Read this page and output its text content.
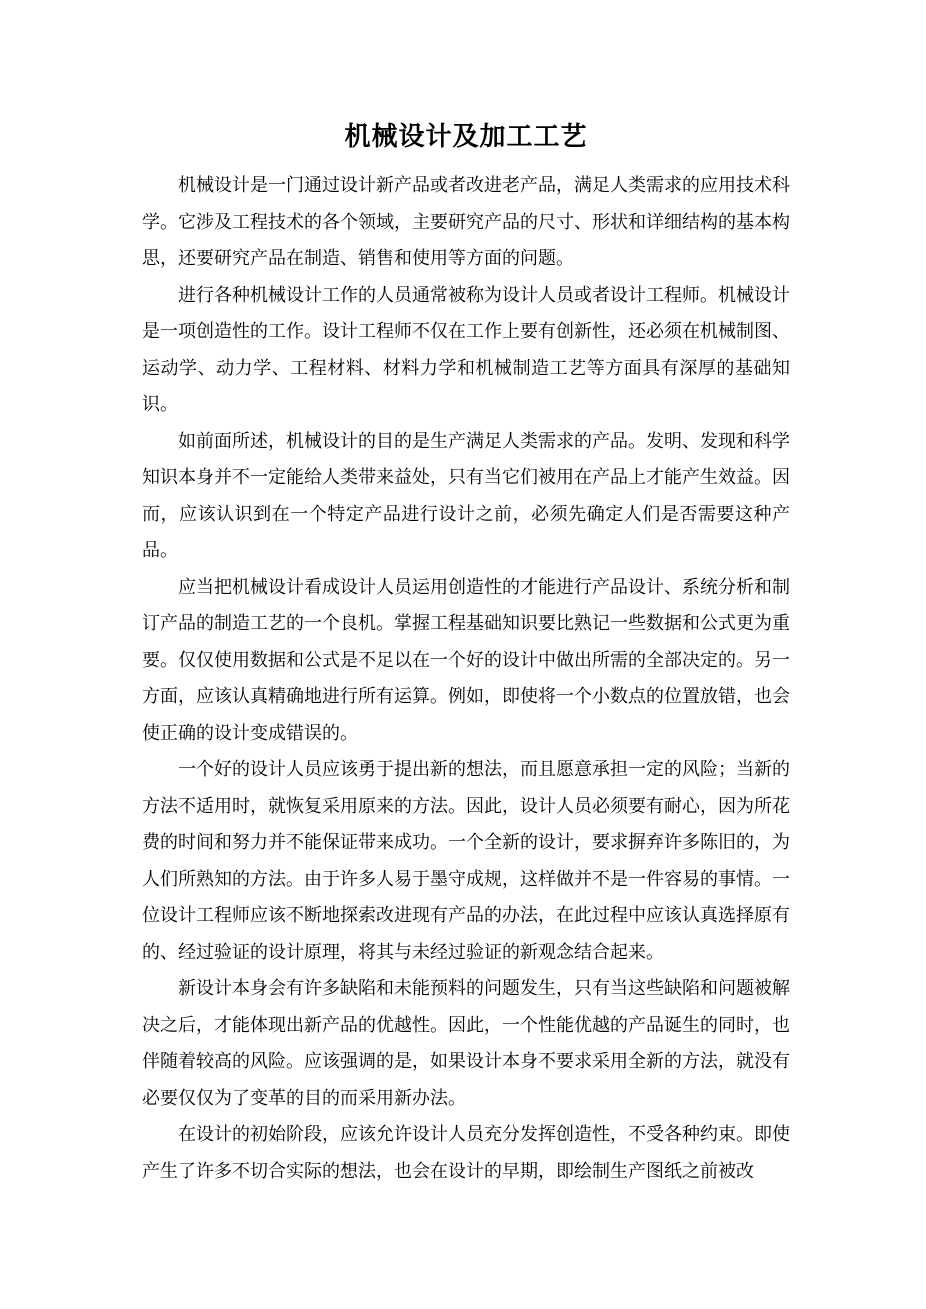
机械设计及加工工艺

机械设计是一门通过设计新产品或者改进老产品，满足人类需求的应用技术科学。它涉及工程技术的各个领域，主要研究产品的尺寸、形状和详细结构的基本构思，还要研究产品在制造、销售和使用等方面的问题。

进行各种机械设计工作的人员通常被称为设计人员或者设计工程师。机械设计是一项创造性的工作。设计工程师不仅在工作上要有创新性，还必须在机械制图、运动学、动力学、工程材料、材料力学和机械制造工艺等方面具有深厚的基础知识。

如前面所述，机械设计的目的是生产满足人类需求的产品。发明、发现和科学知识本身并不一定能给人类带来益处，只有当它们被用在产品上才能产生效益。因而，应该认识到在一个特定产品进行设计之前，必须先确定人们是否需要这种产品。

应当把机械设计看成设计人员运用创造性的才能进行产品设计、系统分析和制订产品的制造工艺的一个良机。掌握工程基础知识要比熟记一些数据和公式更为重要。仅仅使用数据和公式是不足以在一个好的设计中做出所需的全部决定的。另一方面，应该认真精确地进行所有运算。例如，即使将一个小数点的位置放错，也会使正确的设计变成错误的。

一个好的设计人员应该勇于提出新的想法，而且愿意承担一定的风险；当新的方法不适用时，就恢复采用原来的方法。因此，设计人员必须要有耐心，因为所花费的时间和努力并不能保证带来成功。一个全新的设计，要求摒弃许多陈旧的，为人们所熟知的方法。由于许多人易于墨守成规，这样做并不是一件容易的事情。一位设计工程师应该不断地探索改进现有产品的办法，在此过程中应该认真选择原有的、经过验证的设计原理，将其与未经过验证的新观念结合起来。

新设计本身会有许多缺陷和未能预料的问题发生，只有当这些缺陷和问题被解决之后，才能体现出新产品的优越性。因此，一个性能优越的产品诞生的同时，也伴随着较高的风险。应该强调的是，如果设计本身不要求采用全新的方法，就没有必要仅仅为了变革的目的而采用新办法。

在设计的初始阶段，应该允许设计人员充分发挥创造性，不受各种约束。即使产生了许多不切合实际的想法，也会在设计的早期，即绘制生产图纸之前被改
